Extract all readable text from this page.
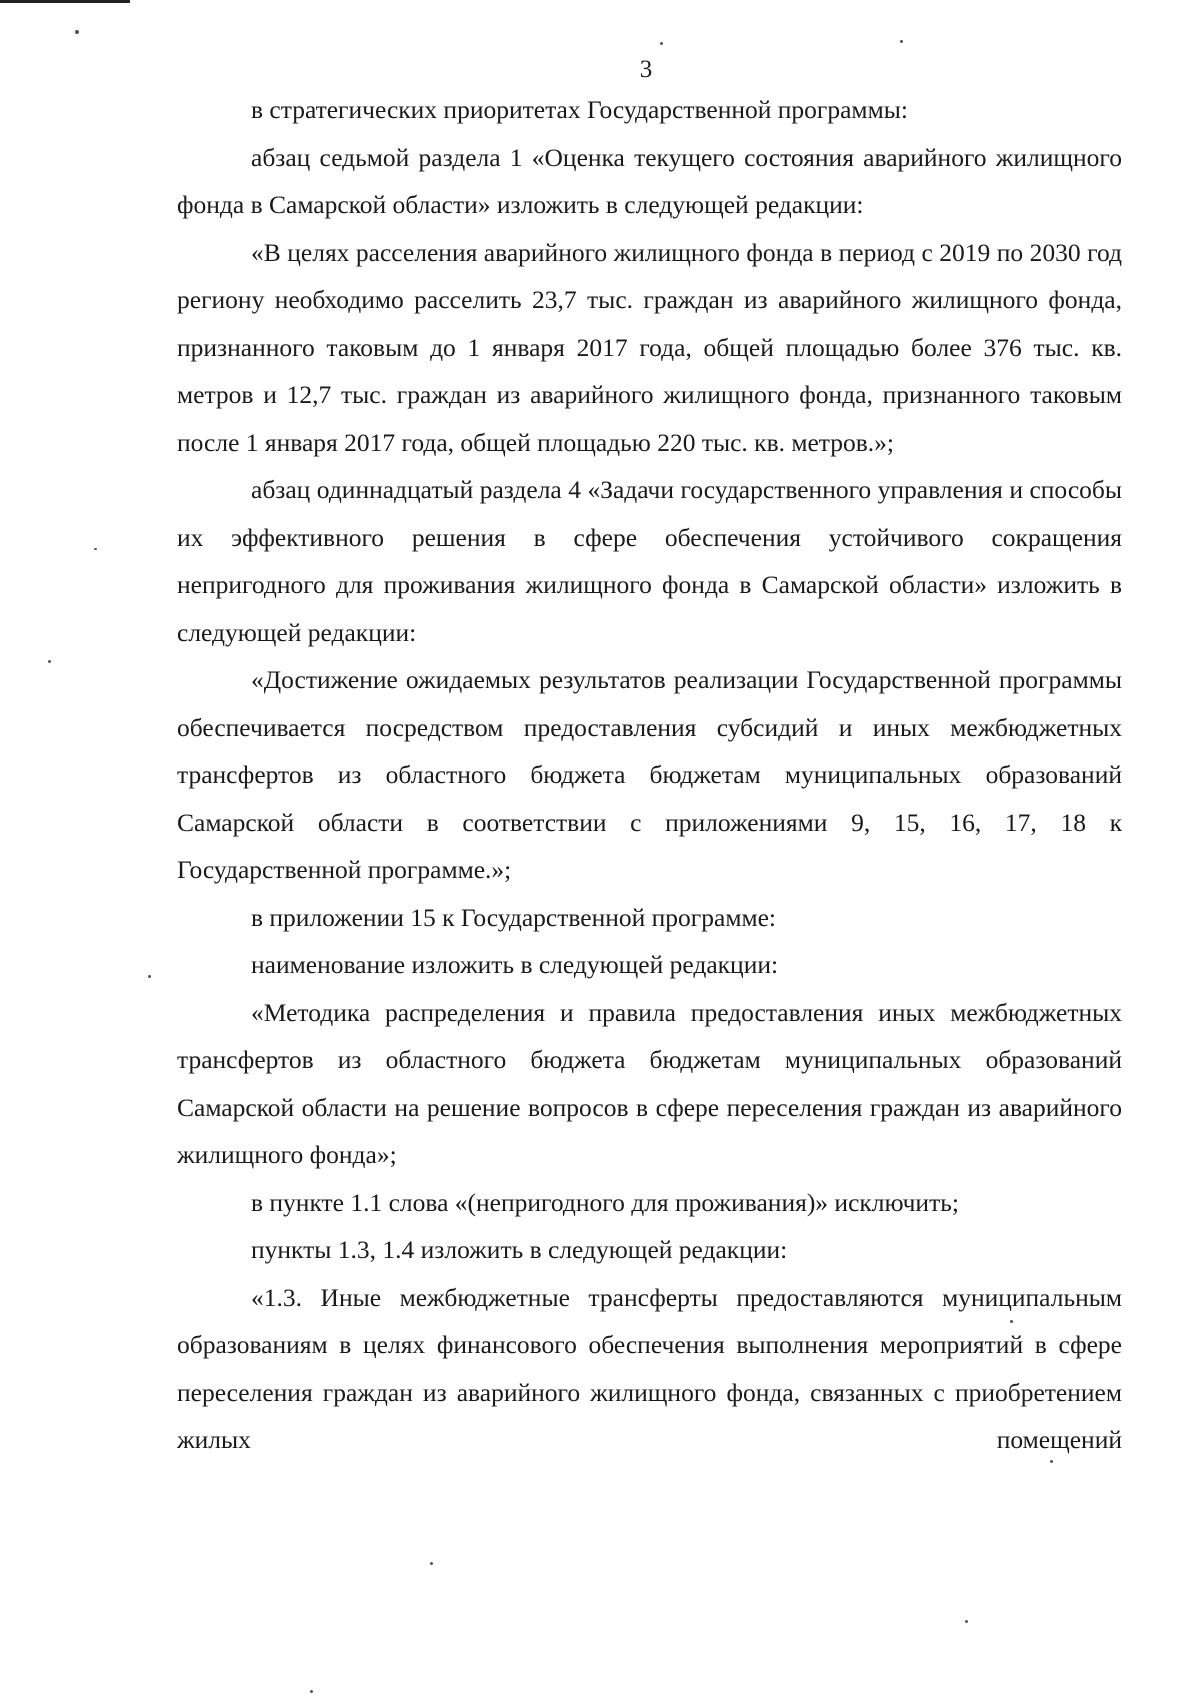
3

в стратегических приоритетах Государственной программы:

абзац седьмой раздела 1 «Оценка текущего состояния аварийного жилищного фонда в Самарской области» изложить в следующей редакции:

«В целях расселения аварийного жилищного фонда в период с 2019 по 2030 год региону необходимо расселить 23,7 тыс. граждан из аварийного жилищного фонда, признанного таковым до 1 января 2017 года, общей площадью более 376 тыс. кв. метров и 12,7 тыс. граждан из аварийного жилищного фонда, признанного таковым после 1 января 2017 года, общей площадью 220 тыс. кв. метров.»;

абзац одиннадцатый раздела 4 «Задачи государственного управления и способы их эффективного решения в сфере обеспечения устойчивого сокращения непригодного для проживания жилищного фонда в Самарской области» изложить в следующей редакции:

«Достижение ожидаемых результатов реализации Государственной программы обеспечивается посредством предоставления субсидий и иных межбюджетных трансфертов из областного бюджета бюджетам муниципальных образований Самарской области в соответствии с приложениями 9, 15, 16, 17, 18 к Государственной программе.»;

в приложении 15 к Государственной программе:

наименование изложить в следующей редакции:

«Методика распределения и правила предоставления иных межбюджетных трансфертов из областного бюджета бюджетам муниципальных образований Самарской области на решение вопросов в сфере переселения граждан из аварийного жилищного фонда»;

в пункте 1.1 слова «(непригодного для проживания)» исключить;

пункты 1.3, 1.4 изложить в следующей редакции:

«1.3. Иные межбюджетные трансферты предоставляются муниципальным образованиям в целях финансового обеспечения выполнения мероприятий в сфере переселения граждан из аварийного жилищного фонда, связанных с приобретением жилых помещений
